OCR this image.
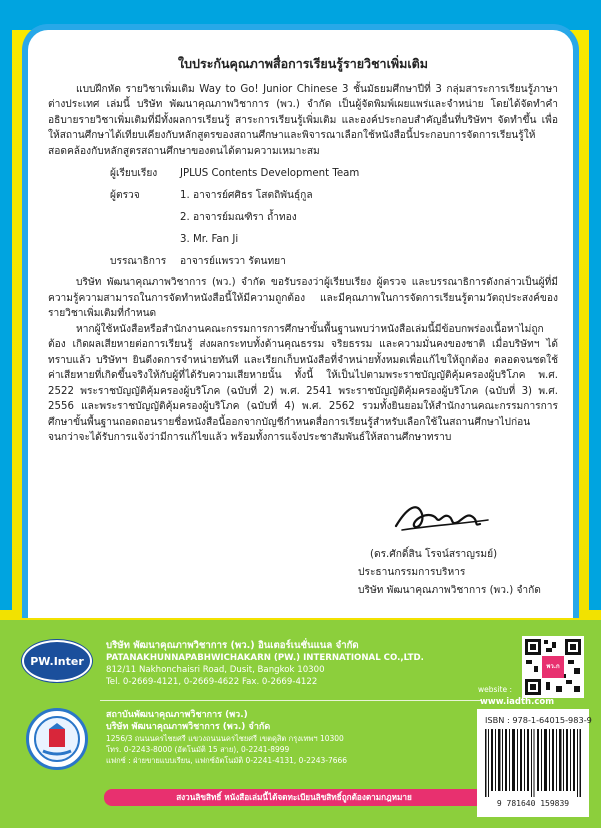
ใบประกันคุณภาพสื่อการเรียนรู้รายวิชาเพิ่มเติม

แบบฝึกหัด รายวิชาเพิ่มเติม Way to Go! Junior Chinese 3 ชั้นมัธยมศึกษาปีที่ 3 กลุ่มสาระการเรียนรู้ภาษาต่างประเทศ เล่มนี้ บริษัท พัฒนาคุณภาพวิชาการ (พว.) จำกัด เป็นผู้จัดพิมพ์เผยแพร่และจำหน่าย โดยได้จัดทำคำอธิบายรายวิชาเพิ่มเติมที่มีทั้งผลการเรียนรู้ สาระการเรียนรู้เพิ่มเติม และองค์ประกอบสำคัญอื่นที่บริษัทฯ จัดทำขึ้น เพื่อให้สถานศึกษาได้เทียบเคียงกับหลักสูตรของสถานศึกษาและพิจารณาเลือกใช้หนังสือนี้ประกอบการจัดการเรียนรู้ให้สอดคล้องกับหลักสูตรสถานศึกษาของตนได้ตามความเหมาะสม

ผู้เรียบเรียง	JPLUS Contents Development Team
ผู้ตรวจ	1. อาจารย์ศศิธร โสตถิพันธุ์กูล
2. อาจารย์มณฑิรา ถ้ำทอง
3. Mr. Fan Ji
บรรณาธิการ	อาจารย์แพรวา รัตนทยา

บริษัท พัฒนาคุณภาพวิชาการ (พว.) จำกัด ขอรับรองว่าผู้เรียบเรียง ผู้ตรวจ และบรรณาธิการดังกล่าวเป็นผู้ที่มีความรู้ความสามารถในการจัดทำหนังสือนี้ให้มีความถูกต้อง และมีคุณภาพในการจัดการเรียนรู้ตามวัตถุประสงค์ของรายวิชาเพิ่มเติมที่กำหนด

หากผู้ใช้หนังสือหรือสำนักงานคณะกรรมการการศึกษาขั้นพื้นฐานพบว่าหนังสือเล่มนี้มีข้อบกพร่องเนื้อหาไม่ถูกต้อง เกิดผลเสียหายต่อการเรียนรู้ ส่งผลกระทบทั้งด้านคุณธรรม จริยธรรม และความมั่นคงของชาติ เมื่อบริษัทฯ ได้ทราบแล้ว บริษัทฯ ยินดีงดการจำหน่ายทันที และเรียกเก็บหนังสือที่จำหน่ายทั้งหมดเพื่อแก้ไขให้ถูกต้อง ตลอดจนชดใช้ค่าเสียหายที่เกิดขึ้นจริงให้กับผู้ที่ได้รับความเสียหายนั้น ทั้งนี้ ให้เป็นไปตามพระราชบัญญัติคุ้มครองผู้บริโภค พ.ศ. 2522 พระราชบัญญัติคุ้มครองผู้บริโภค (ฉบับที่ 2) พ.ศ. 2541 พระราชบัญญัติคุ้มครองผู้บริโภค (ฉบับที่ 3) พ.ศ. 2556 และพระราชบัญญัติคุ้มครองผู้บริโภค (ฉบับที่ 4) พ.ศ. 2562 รวมทั้งยินยอมให้สำนักงานคณะกรรมการการศึกษาขั้นพื้นฐานถอดถอนรายชื่อหนังสือนี้ออกจากบัญชีกำหนดสื่อการเรียนรู้สำหรับเลือกใช้ในสถานศึกษาไปก่อนจนกว่าจะได้รับการแจ้งว่ามีการแก้ไขแล้ว พร้อมทั้งการแจ้งประชาสัมพันธ์ให้สถานศึกษาทราบ

(ดร.ศักดิ์สิน โรจน์สราญรมย์)
ประธานกรรมการบริหาร
บริษัท พัฒนาคุณภาพวิชาการ (พว.) จำกัด
PW.Inter
บริษัท พัฒนาคุณภาพวิชาการ (พว.) อินเตอร์เนชั่นแนล จำกัด
PATANAKHUNNAPABHWICHAKARN (PW.) INTERNATIONAL CO.,LTD.
812/11 Nakhonchaisri Road, Dusit, Bangkok 10300
Tel. 0-2669-4121, 0-2669-4622 Fax. 0-2669-4122
สถาบันพัฒนาคุณภาพวิชาการ (พว.)
บริษัท พัฒนาคุณภาพวิชาการ (พว.) จำกัด
1256/3 ถนนนครไชยศรี แขวงถนนนครไชยศรี เขตดุสิต กรุงเทพฯ 10300
โทร. 0-2243-8000 (อัตโนมัติ 15 สาย), 0-2241-8999
แฟกซ์ : ฝ่ายขายแบบเรียน, แฟกซ์อัตโนมัติ 0-2241-4131, 0-2243-7666
สงวนลิขสิทธิ์ หนังสือเล่มนี้ได้จดทะเบียนลิขสิทธิ์ถูกต้องตามกฎหมาย
พว.ก
website :
www.iadth.com
ISBN : 978-1-64015-983-9
9 781640 159839
